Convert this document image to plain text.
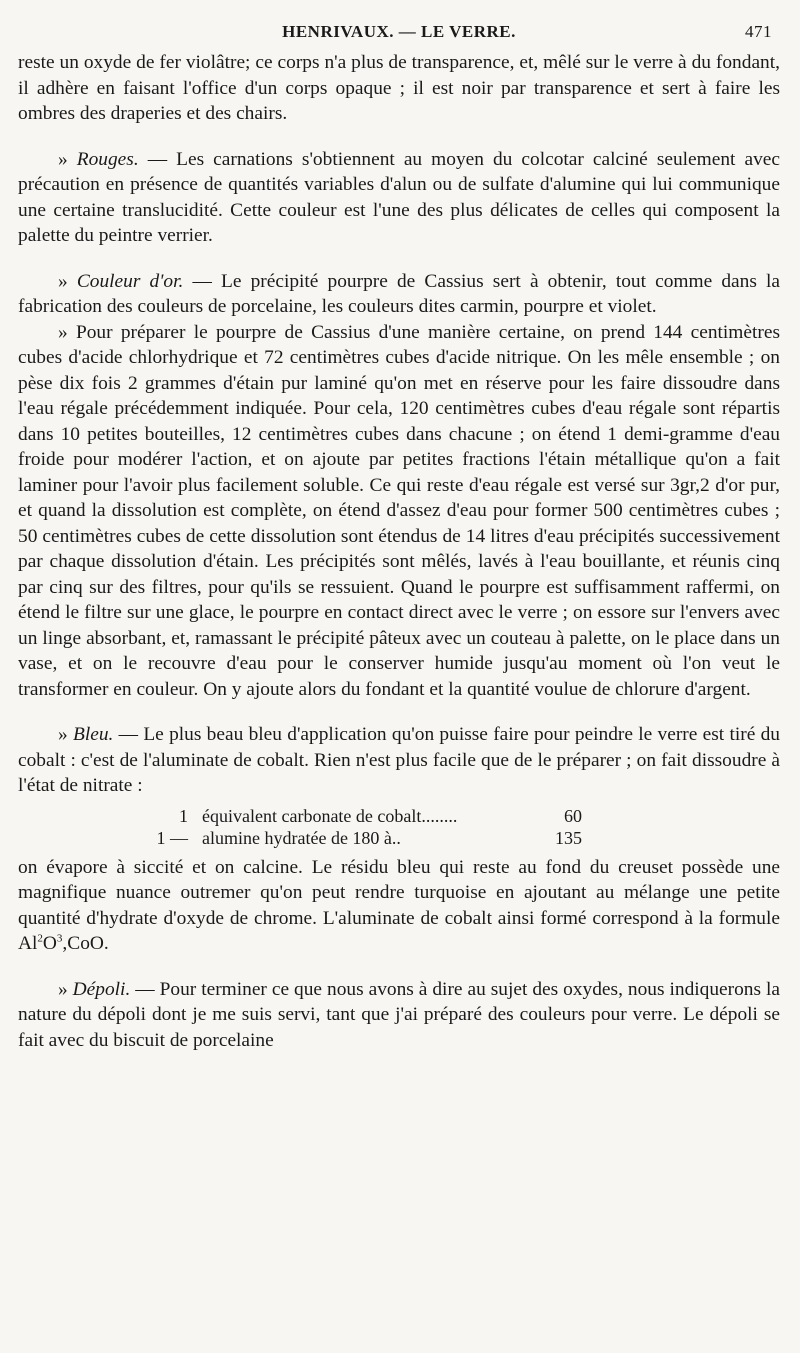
HENRIVAUX. — LE VERRE.	471

reste un oxyde de fer violâtre; ce corps n'a plus de transparence, et, mêlé sur le verre à du fondant, il adhère en faisant l'office d'un corps opaque ; il est noir par transparence et sert à faire les ombres des draperies et des chairs.

» Rouges. — Les carnations s'obtiennent au moyen du colcotar calciné seulement avec précaution en présence de quantités variables d'alun ou de sulfate d'alumine qui lui communique une certaine translucidité. Cette couleur est l'une des plus délicates de celles qui composent la palette du peintre verrier.

» Couleur d'or. — Le précipité pourpre de Cassius sert à obtenir, tout comme dans la fabrication des couleurs de porcelaine, les couleurs dites carmin, pourpre et violet.

» Pour préparer le pourpre de Cassius d'une manière certaine, on prend 144 centimètres cubes d'acide chlorhydrique et 72 centimètres cubes d'acide nitrique. On les mêle ensemble ; on pèse dix fois 2 grammes d'étain pur laminé qu'on met en réserve pour les faire dissoudre dans l'eau régale précédemment indiquée. Pour cela, 120 centimètres cubes d'eau régale sont répartis dans 10 petites bouteilles, 12 centimètres cubes dans chacune ; on étend 1 demi-gramme d'eau froide pour modérer l'action, et on ajoute par petites fractions l'étain métallique qu'on a fait laminer pour l'avoir plus facilement soluble. Ce qui reste d'eau régale est versé sur 3gr,2 d'or pur, et quand la dissolution est complète, on étend d'assez d'eau pour former 500 centimètres cubes ; 50 centimètres cubes de cette dissolution sont étendus de 14 litres d'eau précipités successivement par chaque dissolution d'étain. Les précipités sont mêlés, lavés à l'eau bouillante, et réunis cinq par cinq sur des filtres, pour qu'ils se ressuient. Quand le pourpre est suffisamment raffermi, on étend le filtre sur une glace, le pourpre en contact direct avec le verre ; on essore sur l'envers avec un linge absorbant, et, ramassant le précipité pâteux avec un couteau à palette, on le place dans un vase, et on le recouvre d'eau pour le conserver humide jusqu'au moment où l'on veut le transformer en couleur. On y ajoute alors du fondant et la quantité voulue de chlorure d'argent.

» Bleu. — Le plus beau bleu d'application qu'on puisse faire pour peindre le verre est tiré du cobalt : c'est de l'aluminate de cobalt. Rien n'est plus facile que de le préparer ; on fait dissoudre à l'état de nitrate :

1 équivalent carbonate de cobalt........	60
1 — alumine hydratée de 180 à..	135

on évapore à siccité et on calcine. Le résidu bleu qui reste au fond du creuset possède une magnifique nuance outremer qu'on peut rendre turquoise en ajoutant au mélange une petite quantité d'hydrate d'oxyde de chrome. L'aluminate de cobalt ainsi formé correspond à la formule $Al^2O^3,CoO$.

» Dépoli. — Pour terminer ce que nous avons à dire au sujet des oxydes, nous indiquerons la nature du dépoli dont je me suis servi, tant que j'ai préparé des couleurs pour verre. Le dépoli se fait avec du biscuit de porcelaine
